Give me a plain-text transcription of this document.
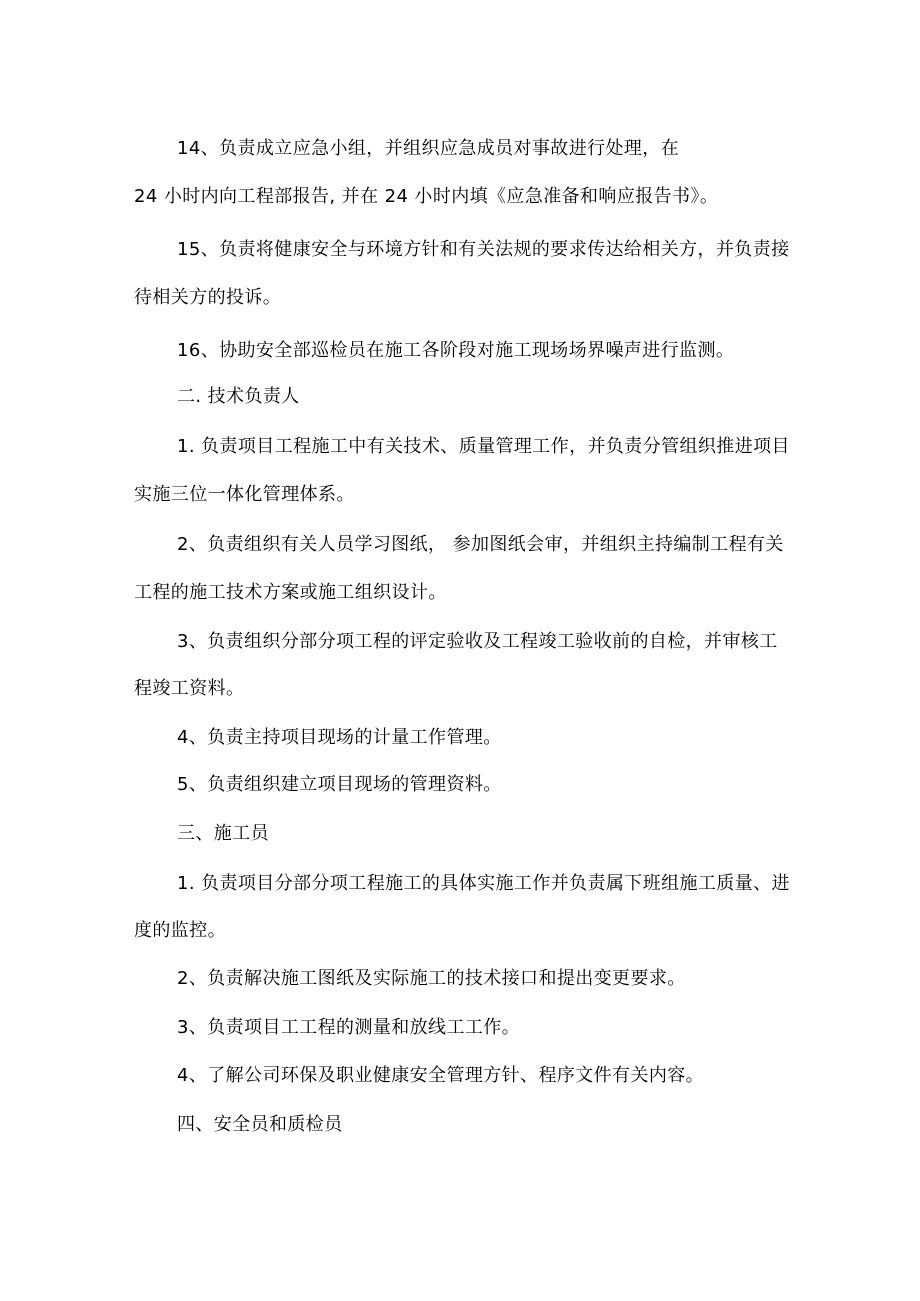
14、负责成立应急小组，并组织应急成员对事故进行处理，在
24 小时内向工程部报告, 并在 24 小时内填《应急准备和响应报告书》。
15、负责将健康安全与环境方针和有关法规的要求传达给相关方，并负责接
待相关方的投诉。
16、协助安全部巡检员在施工各阶段对施工现场场界噪声进行监测。
二. 技术负责人
1. 负责项目工程施工中有关技术、质量管理工作，并负责分管组织推进项目
实施三位一体化管理体系。
2、负责组织有关人员学习图纸， 参加图纸会审，并组织主持编制工程有关
工程的施工技术方案或施工组织设计。
3、负责组织分部分项工程的评定验收及工程竣工验收前的自检，并审核工
程竣工资料。
4、负责主持项目现场的计量工作管理。
5、负责组织建立项目现场的管理资料。
三、施工员
1. 负责项目分部分项工程施工的具体实施工作并负责属下班组施工质量、进
度的监控。
2、负责解决施工图纸及实际施工的技术接口和提出变更要求。
3、负责项目工工程的测量和放线工工作。
4、了解公司环保及职业健康安全管理方针、程序文件有关内容。
四、安全员和质检员
